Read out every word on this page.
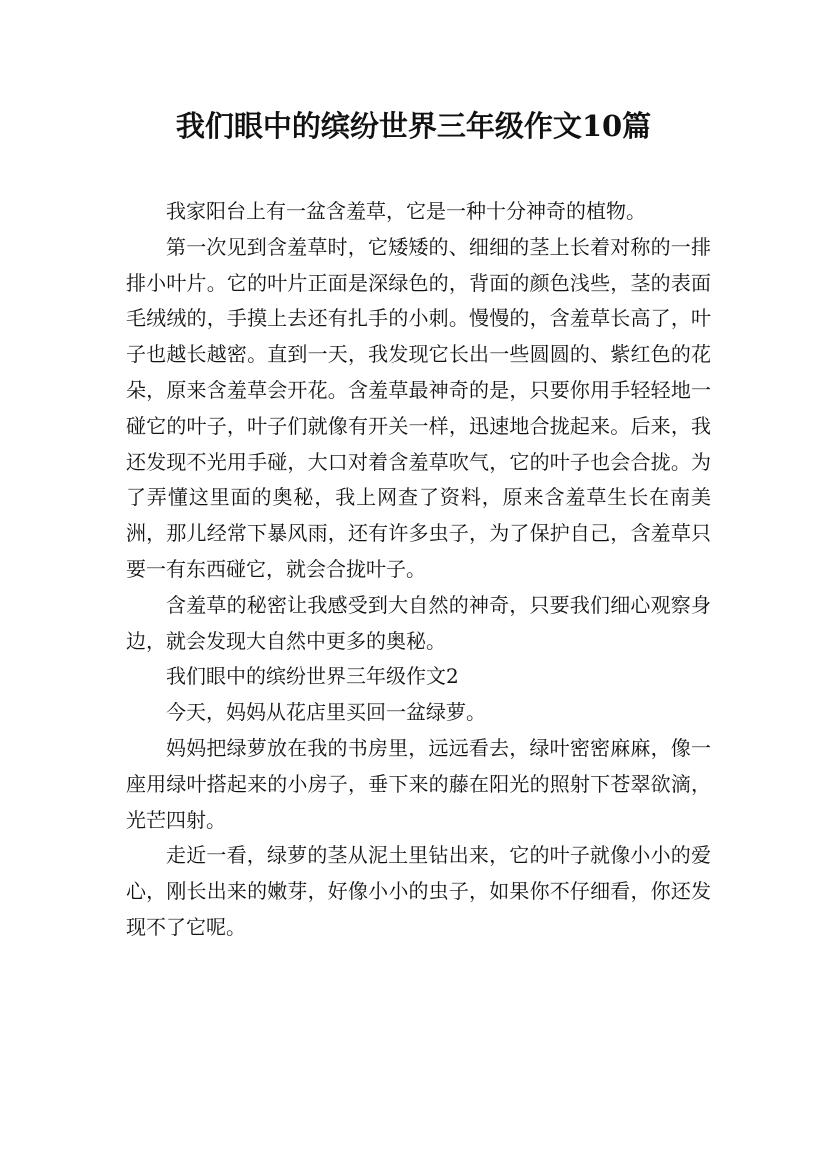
我们眼中的缤纷世界三年级作文10篇

我家阳台上有一盆含羞草，它是一种十分神奇的植物。

第一次见到含羞草时，它矮矮的、细细的茎上长着对称的一排排小叶片。它的叶片正面是深绿色的，背面的颜色浅些，茎的表面毛绒绒的，手摸上去还有扎手的小刺。慢慢的，含羞草长高了，叶子也越长越密。直到一天，我发现它长出一些圆圆的、紫红色的花朵，原来含羞草会开花。含羞草最神奇的是，只要你用手轻轻地一碰它的叶子，叶子们就像有开关一样，迅速地合拢起来。后来，我还发现不光用手碰，大口对着含羞草吹气，它的叶子也会合拢。为了弄懂这里面的奥秘，我上网查了资料，原来含羞草生长在南美洲，那儿经常下暴风雨，还有许多虫子，为了保护自己，含羞草只要一有东西碰它，就会合拢叶子。

含羞草的秘密让我感受到大自然的神奇，只要我们细心观察身边，就会发现大自然中更多的奥秘。

我们眼中的缤纷世界三年级作文2

今天，妈妈从花店里买回一盆绿萝。

妈妈把绿萝放在我的书房里，远远看去，绿叶密密麻麻，像一座用绿叶搭起来的小房子，垂下来的藤在阳光的照射下苍翠欲滴，光芒四射。

走近一看，绿萝的茎从泥土里钻出来，它的叶子就像小小的爱心，刚长出来的嫩芽，好像小小的虫子，如果你不仔细看，你还发现不了它呢。
